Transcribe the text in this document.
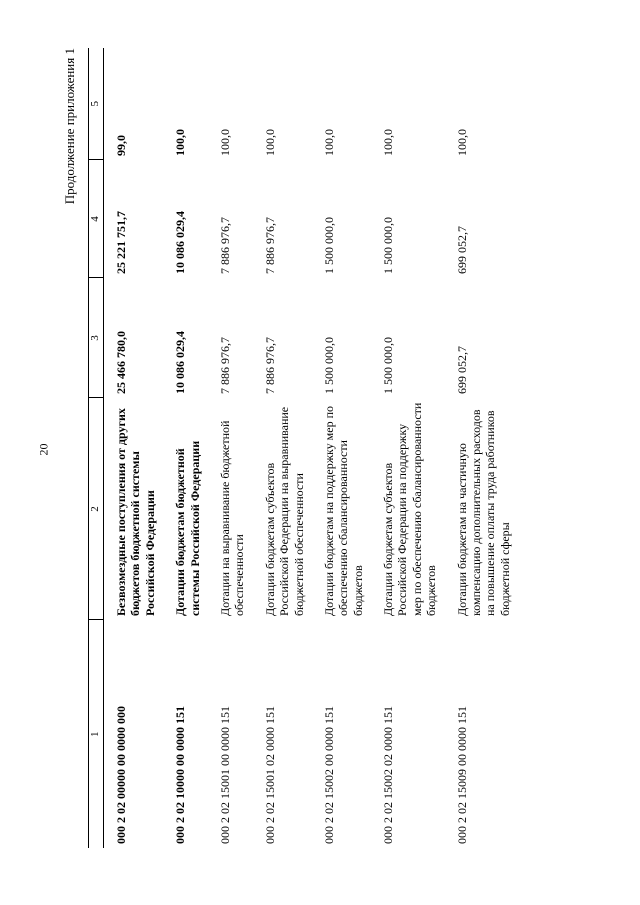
20
Продолжение приложения 1
1	2	3	4	5
000 2 02 00000 00 0000 000	Безвозмездные поступления от других бюджетов бюджетной системы Российской Федерации	25 466 780,0	25 221 751,7	99,0
000 2 02 10000 00 0000 151	Дотации бюджетам бюджетной системы Российской Федерации	10 086 029,4	10 086 029,4	100,0
000 2 02 15001 00 0000 151	Дотации на выравнивание бюджетной обеспеченности	7 886 976,7	7 886 976,7	100,0
000 2 02 15001 02 0000 151	Дотации бюджетам субъектов Российской Федерации на выравнивание бюджетной обеспеченности	7 886 976,7	7 886 976,7	100,0
000 2 02 15002 00 0000 151	Дотации бюджетам на поддержку мер по обеспечению сбалансированности бюджетов	1 500 000,0	1 500 000,0	100,0
000 2 02 15002 02 0000 151	Дотации бюджетам субъектов Российской Федерации на поддержку мер по обеспечению сбалансированности бюджетов	1 500 000,0	1 500 000,0	100,0
000 2 02 15009 00 0000 151	Дотации бюджетам на частичную компенсацию дополнительных расходов на повышение оплаты труда работников бюджетной сферы	699 052,7	699 052,7	100,0
